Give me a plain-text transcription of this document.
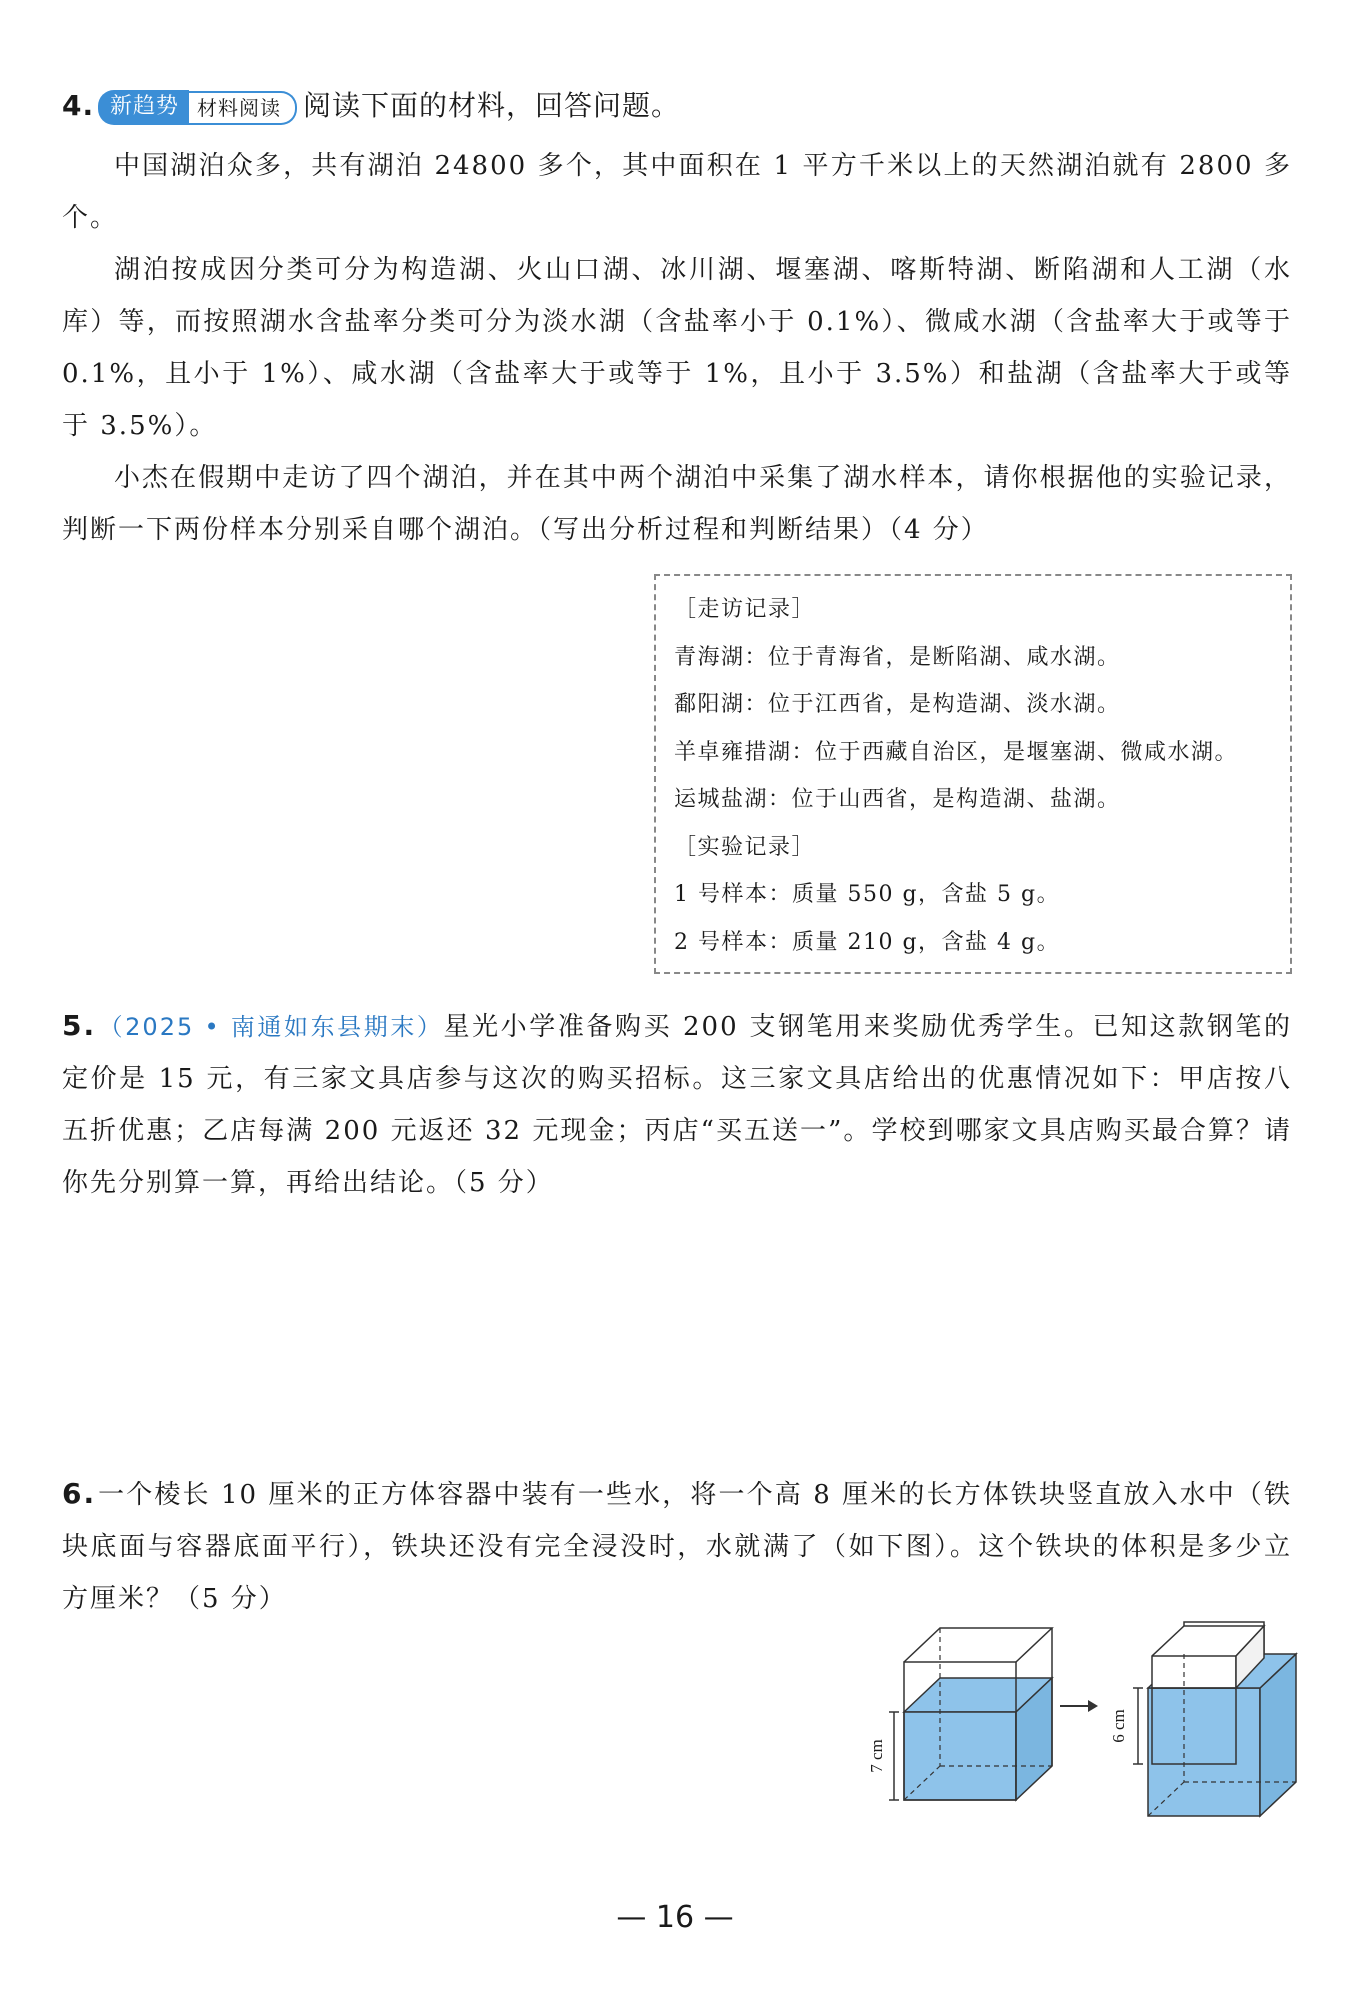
4. 新趋势 材料阅读 阅读下面的材料，回答问题。

中国湖泊众多，共有湖泊 24800 多个，其中面积在 1 平方千米以上的天然湖泊就有 2800 多个。

湖泊按成因分类可分为构造湖、火山口湖、冰川湖、堰塞湖、喀斯特湖、断陷湖和人工湖（水库）等，而按照湖水含盐率分类可分为淡水湖（含盐率小于 0.1%）、微咸水湖（含盐率大于或等于 0.1%，且小于 1%）、咸水湖（含盐率大于或等于 1%，且小于 3.5%）和盐湖（含盐率大于或等于 3.5%）。

小杰在假期中走访了四个湖泊，并在其中两个湖泊中采集了湖水样本，请你根据他的实验记录，判断一下两份样本分别采自哪个湖泊。（写出分析过程和判断结果）（4 分）

［走访记录］
青海湖：位于青海省，是断陷湖、咸水湖。
鄱阳湖：位于江西省，是构造湖、淡水湖。
羊卓雍措湖：位于西藏自治区，是堰塞湖、微咸水湖。
运城盐湖：位于山西省，是构造湖、盐湖。
［实验记录］
1 号样本：质量 550 g，含盐 5 g。
2 号样本：质量 210 g，含盐 4 g。

5.（2025 • 南通如东县期末）星光小学准备购买 200 支钢笔用来奖励优秀学生。已知这款钢笔的定价是 15 元，有三家文具店参与这次的购买招标。这三家文具店给出的优惠情况如下：甲店按八五折优惠；乙店每满 200 元返还 32 元现金；丙店“买五送一”。学校到哪家文具店购买最合算？请你先分别算一算，再给出结论。（5 分）

6.一个棱长 10 厘米的正方体容器中装有一些水，将一个高 8 厘米的长方体铁块竖直放入水中（铁块底面与容器底面平行），铁块还没有完全浸没时，水就满了（如下图）。这个铁块的体积是多少立方厘米？（5 分）

7 cm
6 cm
— 16 —
